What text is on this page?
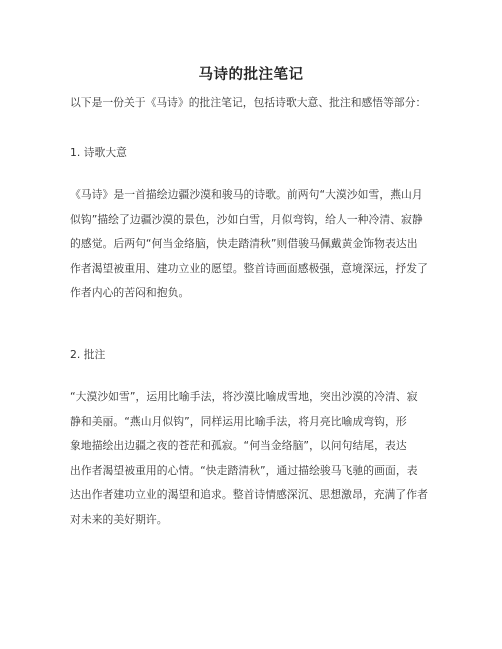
马诗的批注笔记
以下是一份关于《马诗》的批注笔记，包括诗歌大意、批注和感悟等部分：
1. 诗歌大意
《马诗》是一首描绘边疆沙漠和骏马的诗歌。前两句“大漠沙如雪，燕山月
似钩”描绘了边疆沙漠的景色，沙如白雪，月似弯钩，给人一种冷清、寂静
的感觉。后两句“何当金络脑，快走踏清秋”则借骏马佩戴黄金饰物表达出
作者渴望被重用、建功立业的愿望。整首诗画面感极强，意境深远，抒发了
作者内心的苦闷和抱负。
2. 批注
“大漠沙如雪”，运用比喻手法，将沙漠比喻成雪地，突出沙漠的冷清、寂
静和美丽。“燕山月似钩”，同样运用比喻手法，将月亮比喻成弯钩，形
象地描绘出边疆之夜的苍茫和孤寂。“何当金络脑”，以问句结尾，表达
出作者渴望被重用的心情。“快走踏清秋”，通过描绘骏马飞驰的画面，表
达出作者建功立业的渴望和追求。整首诗情感深沉、思想激昂，充满了作者
对未来的美好期许。
